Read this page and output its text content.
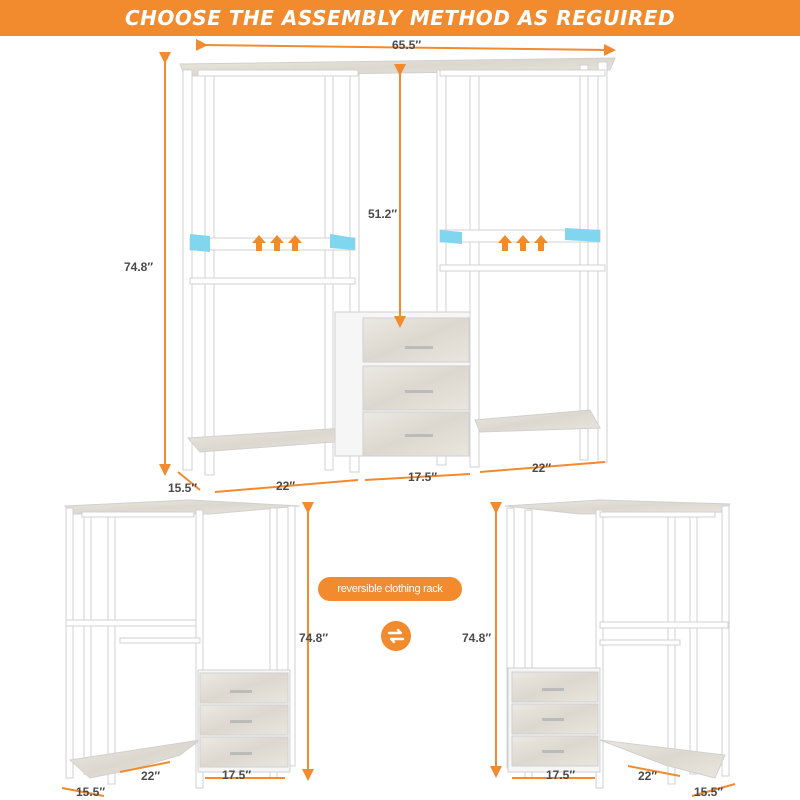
CHOOSE THE ASSEMBLY METHOD AS REGUIRED
65.5″
74.8″
51.2″
15.5″	22″
17.5″
22″
74.8″
15.5″
22″	17.5″
74.8″
17.5″	22″
15.5″
reversible clothing rack
